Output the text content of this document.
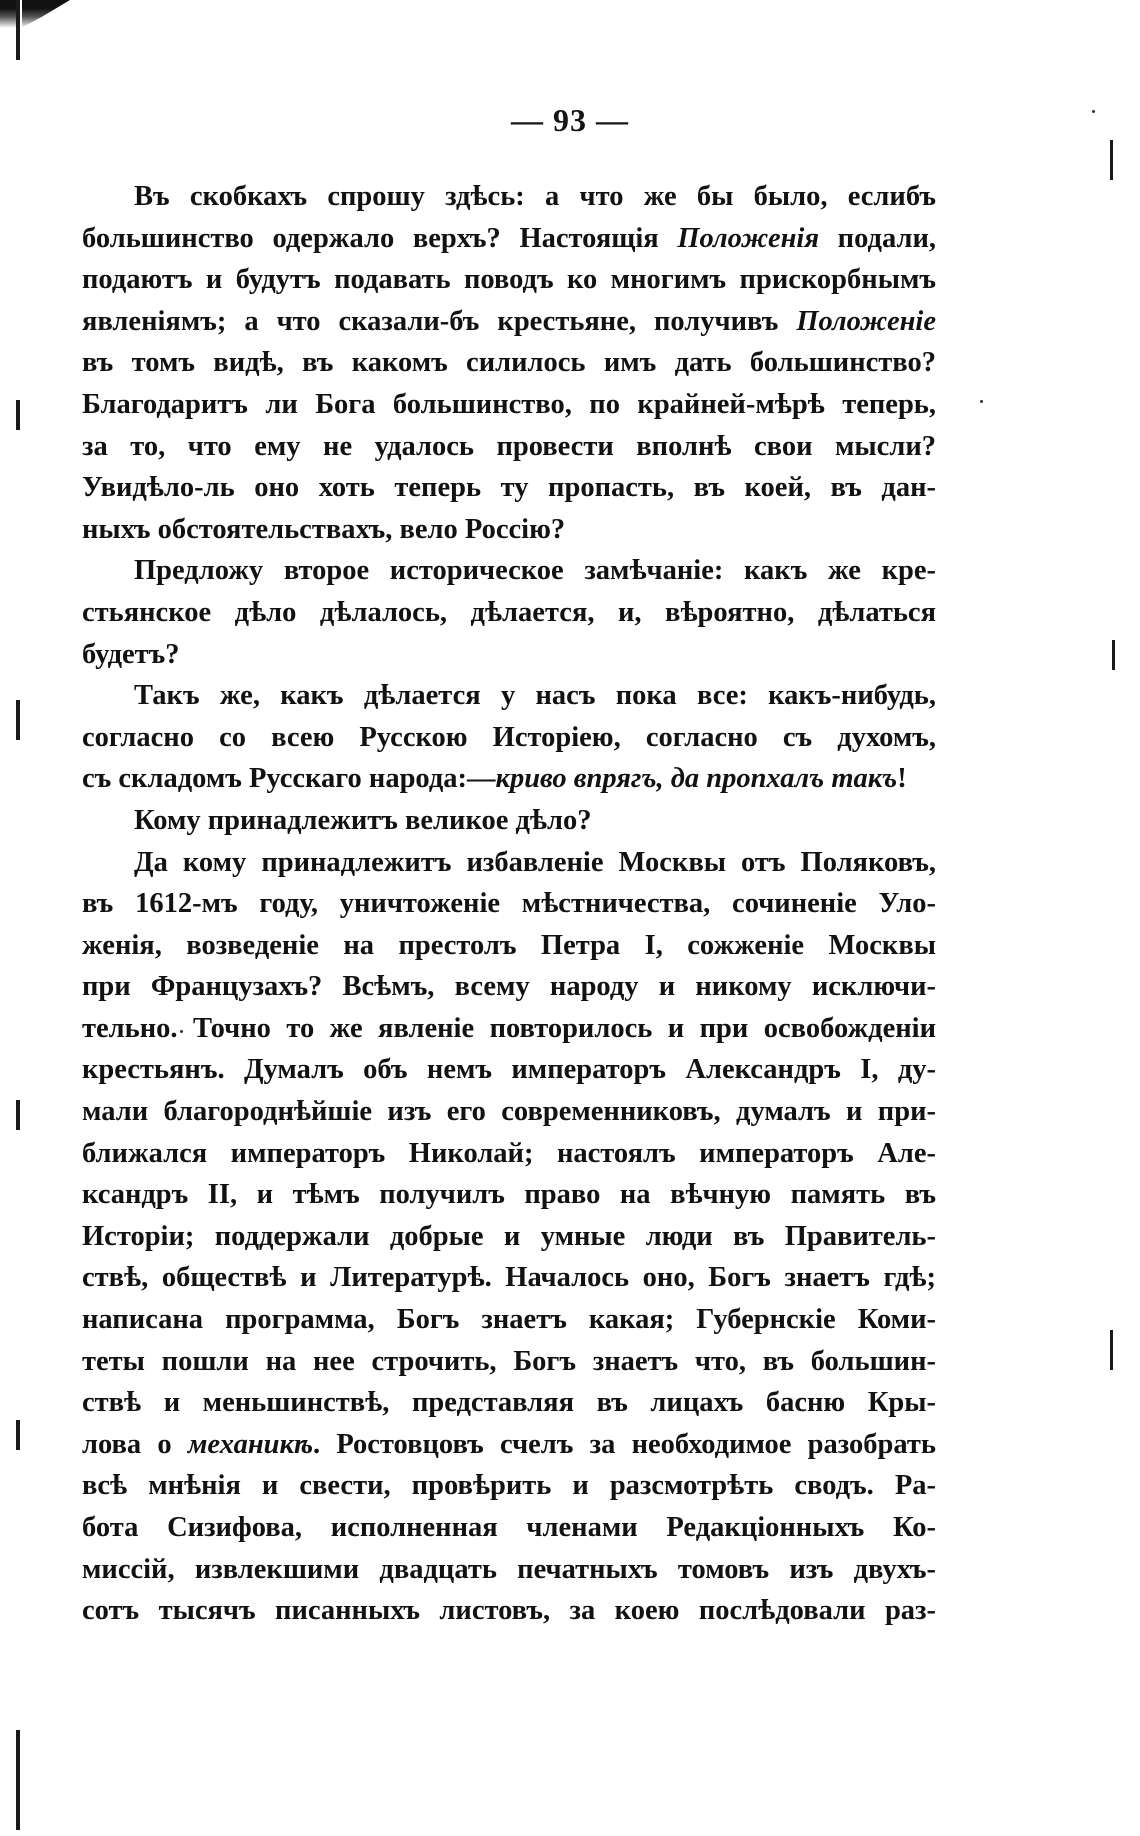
— 93 —
Въ скобкахъ спрошу здѣсь: а что же бы было, еслибъ
большинство одержало верхъ? Настоящія Положенія подали,
подаютъ и будутъ подавать поводъ ко многимъ прискорбнымъ
явленіямъ; а что сказали-бъ крестьяне, получивъ Положеніе
въ томъ видѣ, въ какомъ силилось имъ дать большинство?
Благодаритъ ли Бога большинство, по крайней-мѣрѣ теперь,
за то, что ему не удалось провести вполнѣ свои мысли?
Увидѣло-ль оно хоть теперь ту пропасть, въ коей, въ дан-
ныхъ обстоятельствахъ, вело Россію?
Предложу второе историческое замѣчаніе: какъ же кре-
стьянское дѣло дѣлалось, дѣлается, и, вѣроятно, дѣлаться
будетъ?
Такъ же, какъ дѣлается у насъ пока все: какъ-нибудь,
согласно со всею Русскою Исторіею, согласно съ духомъ,
съ складомъ Русскаго народа:—криво впрягъ, да пропхалъ такъ!
Кому принадлежитъ великое дѣло?
Да кому принадлежитъ избавленіе Москвы отъ Поляковъ,
въ 1612-мъ году, уничтоженіе мѣстничества, сочиненіе Уло-
женія, возведеніе на престолъ Петра I, сожженіе Москвы
при Французахъ? Всѣмъ, всему народу и никому исключи-
тельно. Точно то же явленіе повторилось и при освобожденіи
крестьянъ. Думалъ объ немъ императоръ Александръ I, ду-
мали благороднѣйшіе изъ его современниковъ, думалъ и при-
ближался императоръ Николай; настоялъ императоръ Але-
ксандръ II, и тѣмъ получилъ право на вѣчную память въ
Исторіи; поддержали добрые и умные люди въ Правитель-
ствѣ, обществѣ и Литературѣ. Началось оно, Богъ знаетъ гдѣ;
написана программа, Богъ знаетъ какая; Губернскіе Коми-
теты пошли на нее строчить, Богъ знаетъ что, въ большин-
ствѣ и меньшинствѣ, представляя въ лицахъ басню Кры-
лова о механикѣ. Ростовцовъ счелъ за необходимое разобрать
вcѣ мнѣнія и свести, провѣрить и разсмотрѣть сводъ. Ра-
бота Сизифова, исполненная членами Редакціонныхъ Ко-
миссій, извлекшими двадцать печатныхъ томовъ изъ двухъ-
сотъ тысячъ писанныхъ листовъ, за коею послѣдовали раз-
